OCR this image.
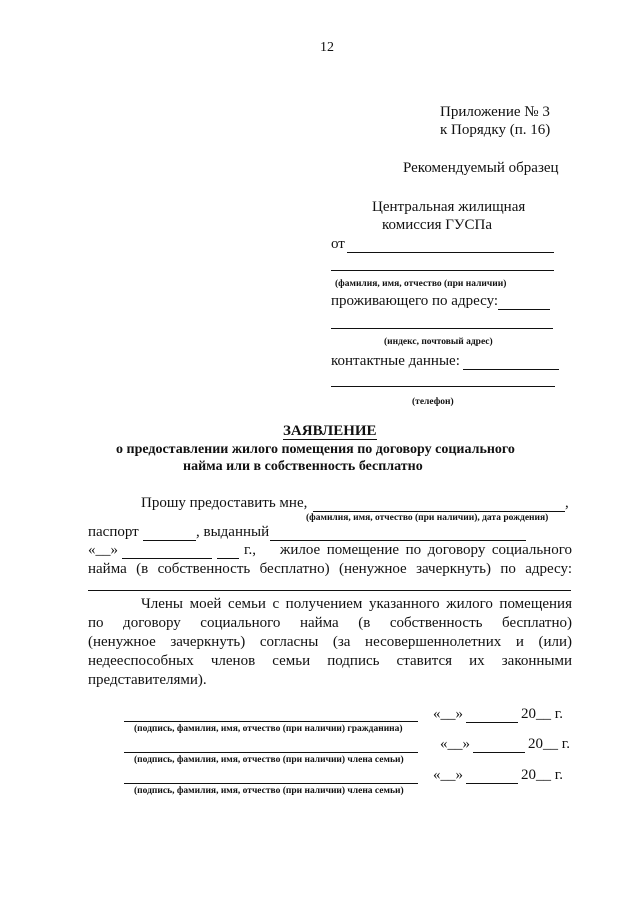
12
Приложение № 3
к Порядку (п. 16)
Рекомендуемый образец
Центральная жилищная
комиссия ГУСПа
от
(фамилия, имя, отчество (при наличии)
проживающего по адресу:
(индекс, почтовый адрес)
контактные данные:
(телефон)
ЗАЯВЛЕНИЕ
о предоставлении жилого помещения по договору социального
найма или в собственность бесплатно
Прошу предоставить мне,	,
(фамилия, имя, отчество (при наличии), дата рождения)
паспорт	, выданный
«__»	г., жилое помещение по договору социального
найма (в собственность бесплатно) (ненужное зачеркнуть) по адресу:
Члены моей семьи с получением указанного жилого помещения
по договору социального найма (в собственность бесплатно)
(ненужное зачеркнуть) согласны (за несовершеннолетних и (или)
недееспособных членов семьи подпись ставится их законными
представителями).
(подпись, фамилия, имя, отчество (при наличии) гражданина)
«__»	20__ г.
(подпись, фамилия, имя, отчество (при наличии) члена семьи)
«__»	20__ г.
(подпись, фамилия, имя, отчество (при наличии) члена семьи)
«__»	20__ г.
